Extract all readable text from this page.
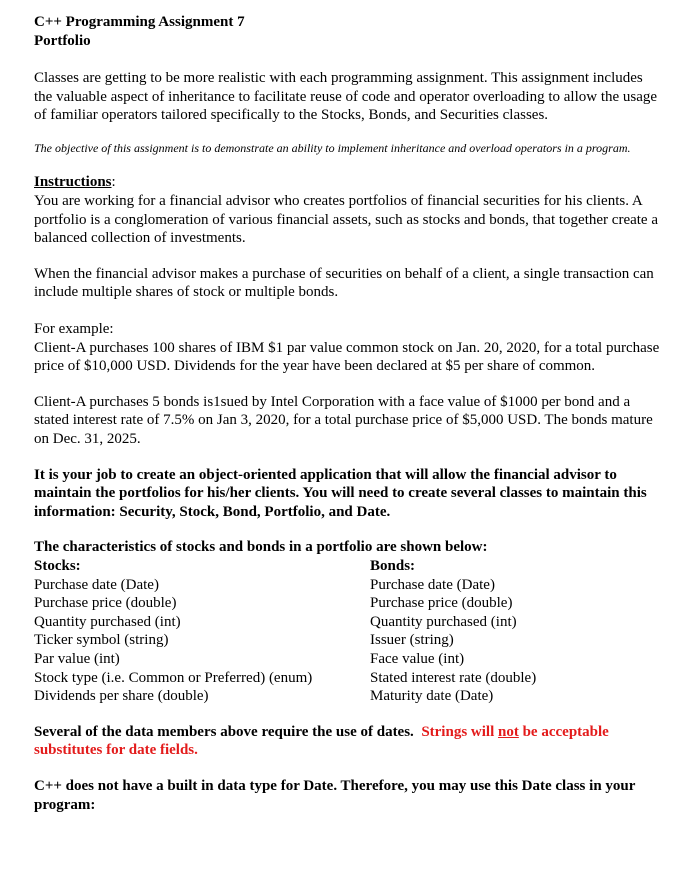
C++ Programming Assignment 7

Portfolio

Classes are getting to be more realistic with each programming assignment. This assignment includes the valuable aspect of inheritance to facilitate reuse of code and operator overloading to allow the usage of familiar operators tailored specifically to the Stocks, Bonds, and Securities classes.

The objective of this assignment is to demonstrate an ability to implement inheritance and overload operators in a program.

Instructions:
You are working for a financial advisor who creates portfolios of financial securities for his clients. A portfolio is a conglomeration of various financial assets, such as stocks and bonds, that together create a balanced collection of investments.

When the financial advisor makes a purchase of securities on behalf of a client, a single transaction can include multiple shares of stock or multiple bonds.

For example:

Client-A purchases 100 shares of IBM $1 par value common stock on Jan. 20, 2020, for a total purchase price of $10,000 USD. Dividends for the year have been declared at $5 per share of common.

Client-A purchases 5 bonds is1sued by Intel Corporation with a face value of $1000 per bond and a stated interest rate of 7.5% on Jan 3, 2020, for a total purchase price of $5,000 USD. The bonds mature on Dec. 31, 2025.

It is your job to create an object-oriented application that will allow the financial advisor to maintain the portfolios for his/her clients. You will need to create several classes to maintain this information: Security, Stock, Bond, Portfolio, and Date.

The characteristics of stocks and bonds in a portfolio are shown below:

Stocks:
Purchase date (Date)
Purchase price (double)
Quantity purchased (int)
Ticker symbol (string)
Par value (int)
Stock type (i.e. Common or Preferred) (enum)
Dividends per share (double)
Bonds:
Purchase date (Date)
Purchase price (double)
Quantity purchased (int)
Issuer (string)
Face value (int)
Stated interest rate (double)
Maturity date (Date)

Several of the data members above require the use of dates. Strings will not be acceptable substitutes for date fields.

C++ does not have a built in data type for Date. Therefore, you may use this Date class in your program:
